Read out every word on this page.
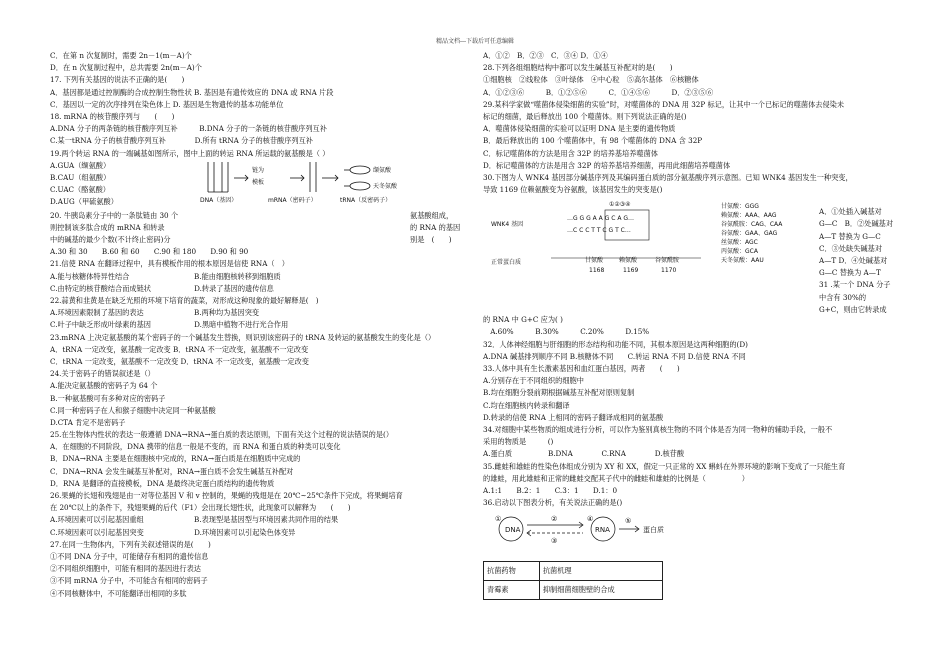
精品文档---下载后可任意编辑
C．在第 n 次复制时，需要 2n－1(m－A)个
D．在 n 次复制过程中，总共需要 2n(m－A)个
17. 下列有关基因的说法不正确的是(　　)
A．基因都是通过控制酶的合成控制生物性状 B. 基因是有遗传效应的 DNA 或 RNA 片段
C．基因以一定的次序排列在染色体上 D. 基因是生物遗传的基本功能单位
18. mRNA 的核苷酸序列与　　(　　)
A.DNA 分子的两条链的核苷酸序列互补　　　B.DNA 分子的一条链的核苷酸序列互补
C.某一tRNA 分子的核苷酸序列互补　　　　D.所有 tRNA 分子的核苷酸序列互补
19.两个转运 RNA 的一端碱基如图所示，图中上面的转运 RNA 所运载的氨基酸是（ ）
A.GUA（缬氨酸）
B.CAU（组氨酸）
C.UAC（酪氨酸）
D.AUG（甲硫氨酸）
链为
模板
缬氨酸
天冬氨酸
DNA（基因）	mRNA（密码子）	tRNA（反密码子）
20. 牛胰岛素分子中的一条肽链由 30 个
则控制该多肽合成的 mRNA 和转录
中的碱基的最少个数(不计终止密码)分
A.30 和 30　　B.60 和 60　　C.90 和 180　　D.90 和 90
氨基酸组成，
的 RNA 的基因
别是　(　　)
21.信使 RNA 在翻译过程中，具有模板作用的根本原因是信使 RNA（　）
A.能与核糖体特异性结合　　　　　　　　　B.能由细胞核转移到细胞质
C.由特定的核苷酸结合而成链状　　　　　　D.转录了基因的遗传信息
22.蒜黄和韭黄是在缺乏光照的环境下培育的蔬菜，对形成这种现象的最好解释是(　)
A.环境因素限制了基因的表达　　　　　　　B.两种均为基因突变
C.叶子中缺乏形成叶绿素的基因　　　　　　D.黑暗中植物不进行光合作用
23.mRNA 上决定氨基酸的某个密码子的一个碱基发生替换，则识别该密码子的 tRNA 及转运的氨基酸发生的变化是（）
A．tRNA 一定改变，氨基酸一定改变 B．tRNA 不一定改变，氨基酸不一定改变
C．tRNA 一定改变，氨基酸不一定改变 D．tRNA 不一定改变，氨基酸一定改变
24.关于密码子的错误叙述是（）
A.能决定氨基酸的密码子为 64 个
B.一种氨基酸可有多种对应的密码子
C.同一种密码子在人和猴子细胞中决定同一种氨基酸
D.CTA 肯定不是密码子
25.在生物体内性状的表达一般遵循 DNA→RNA→蛋白质的表达原则，下面有关这个过程的说法错误的是(）
A．在细胞的不同阶段，DNA 携带的信息一般是不变的，而 RNA 和蛋白质的种类可以变化
B．DNA→RNA 主要是在细胞核中完成的，RNA→蛋白质是在细胞质中完成的
C．DNA→RNA 会发生碱基互补配对，RNA→蛋白质不会发生碱基互补配对
D．RNA 是翻译的直接模板，DNA 是最终决定蛋白质结构的遗传物质
26.果蝇的长翅和残翅是由一对等位基因 V 和 v 控制的，果蝇的残翅是在 20℃~25℃条件下完成，将果蝇培育
在 20℃以上的条件下，残翅果蝇的后代（F1）会出现长翅性状，此现象可以解释为　　(　　)
A.环境因素可以引起基因重组　　　　　　　B.表现型是基因型与环境因素共同作用的结果
C.环境因素可以引起基因突变　　　　　　　D.环境因素可以引起染色体变异
27.在同一生物体内，下列有关叙述错误的是(　　)
①不同 DNA 分子中，可能储存有相同的遗传信息
②不同组织细胞中，可能有相同的基因进行表达
③不同 mRNA 分子中，不可能含有相同的密码子
④不同核糖体中，不可能翻译出相同的多肽
A．①②　B．②③　C．③④ D．①④
28.下列各组细胞结构中都可以发生碱基互补配对的是(　　)
①细胞核　②线粒体　③叶绿体　④中心粒　⑤高尔基体　⑥核糖体
A．①②③⑥　　　B．①②⑤⑥　　　C．①④⑤⑥　　　D．②③⑤⑥
29.某科学家做“噬菌体侵染细菌的实验”时，对噬菌体的 DNA 用 32P 标记，让其中一个已标记的噬菌体去侵染未
标记的细菌，最后释放出 100 个噬菌体。则下列说法正确的是()
A．噬菌体侵染细菌的实验可以证明 DNA 是主要的遗传物质
B．最后释放出的 100 个噬菌体中，有 98 个噬菌体的 DNA 含 32P
C．标记噬菌体的方法是用含 32P 的培养基培养噬菌体
D．标记噬菌体的方法是用含 32P 的培养基培养细菌，再用此细菌培养噬菌体
30.下图为人 WNK4 基因部分碱基序列及其编码蛋白质的部分氨基酸序列示意图。已知 WNK4 基因发生一种突变，
导致 1169 位赖氨酸变为谷氨酸，该基因发生的突变是()
①②③④
…G G G A A G C A G…
…C C C T T C G T C…
WNK4 基因
正常蛋白质	甘氨酸	赖氨酸	谷氨酰胺
1168	1169	1170
甘氨酸：GGG
赖氨酸：AAA、AAG
谷氨酰胺：CAG、CAA
谷氨酸：GAA、GAG
丝氨酸：AGC
丙氨酸：GCA
天冬氨酸：AAU
A．①处插入碱基对
G—C　B．②处碱基对
A—T 替换为 G—C
C．③处缺失碱基对
A—T D．④处碱基对
G—C 替换为 A—T
31 .某一个 DNA 分子
中含有 30%的
G+C，则由它转录成
的 RNA 中 G+C 应为( )
　A.60%　　　B.30%　　　C.20%　　　D.15%
32．人体神经细胞与肝细胞的形态结构和功能不同，其根本原因是这两种细胞的(D)
A.DNA 碱基排列顺序不同 B.核糖体不同　　C.转运 RNA 不同 D.信使 RNA 不同
33.人体中具有生长激素基因和血红蛋白基因，两者　　(　　)
A.分别存在于不同组织的细胞中
B.均在细胞分裂前期根据碱基互补配对原则复制
C.均在细胞核内转录和翻译
D.转录的信使 RNA 上相同的密码子翻译成相同的氨基酸
34.对细胞中某些物质的组成进行分析，可以作为鉴别真核生物的不同个体是否为同一物种的辅助手段，一般不
采用的物质是　　　()
A.蛋白质　　　　　B.DNA　　　　C.RNA　　　　D.核苷酸
35.雌蛙和雄蛙的性染色体组成分别为 XY 和 XX，假定一只正常的 XX 蝌蚪在外界环境的影响下变成了一只能生育
的雄蛙，用此雄蛙和正常的雌蛙交配其子代中的雌蛙和雄蛙的比例是（　　　　　）
A.1:1　　B.2：1　　C.3：1　　D.1：0
36.启动以下图表分析，有关说法正确的是()
①
DNA
②
③
④
RNA
⑤
蛋白质
抗菌药物	抗菌机理
青霉素	抑制细菌细胞壁的合成
